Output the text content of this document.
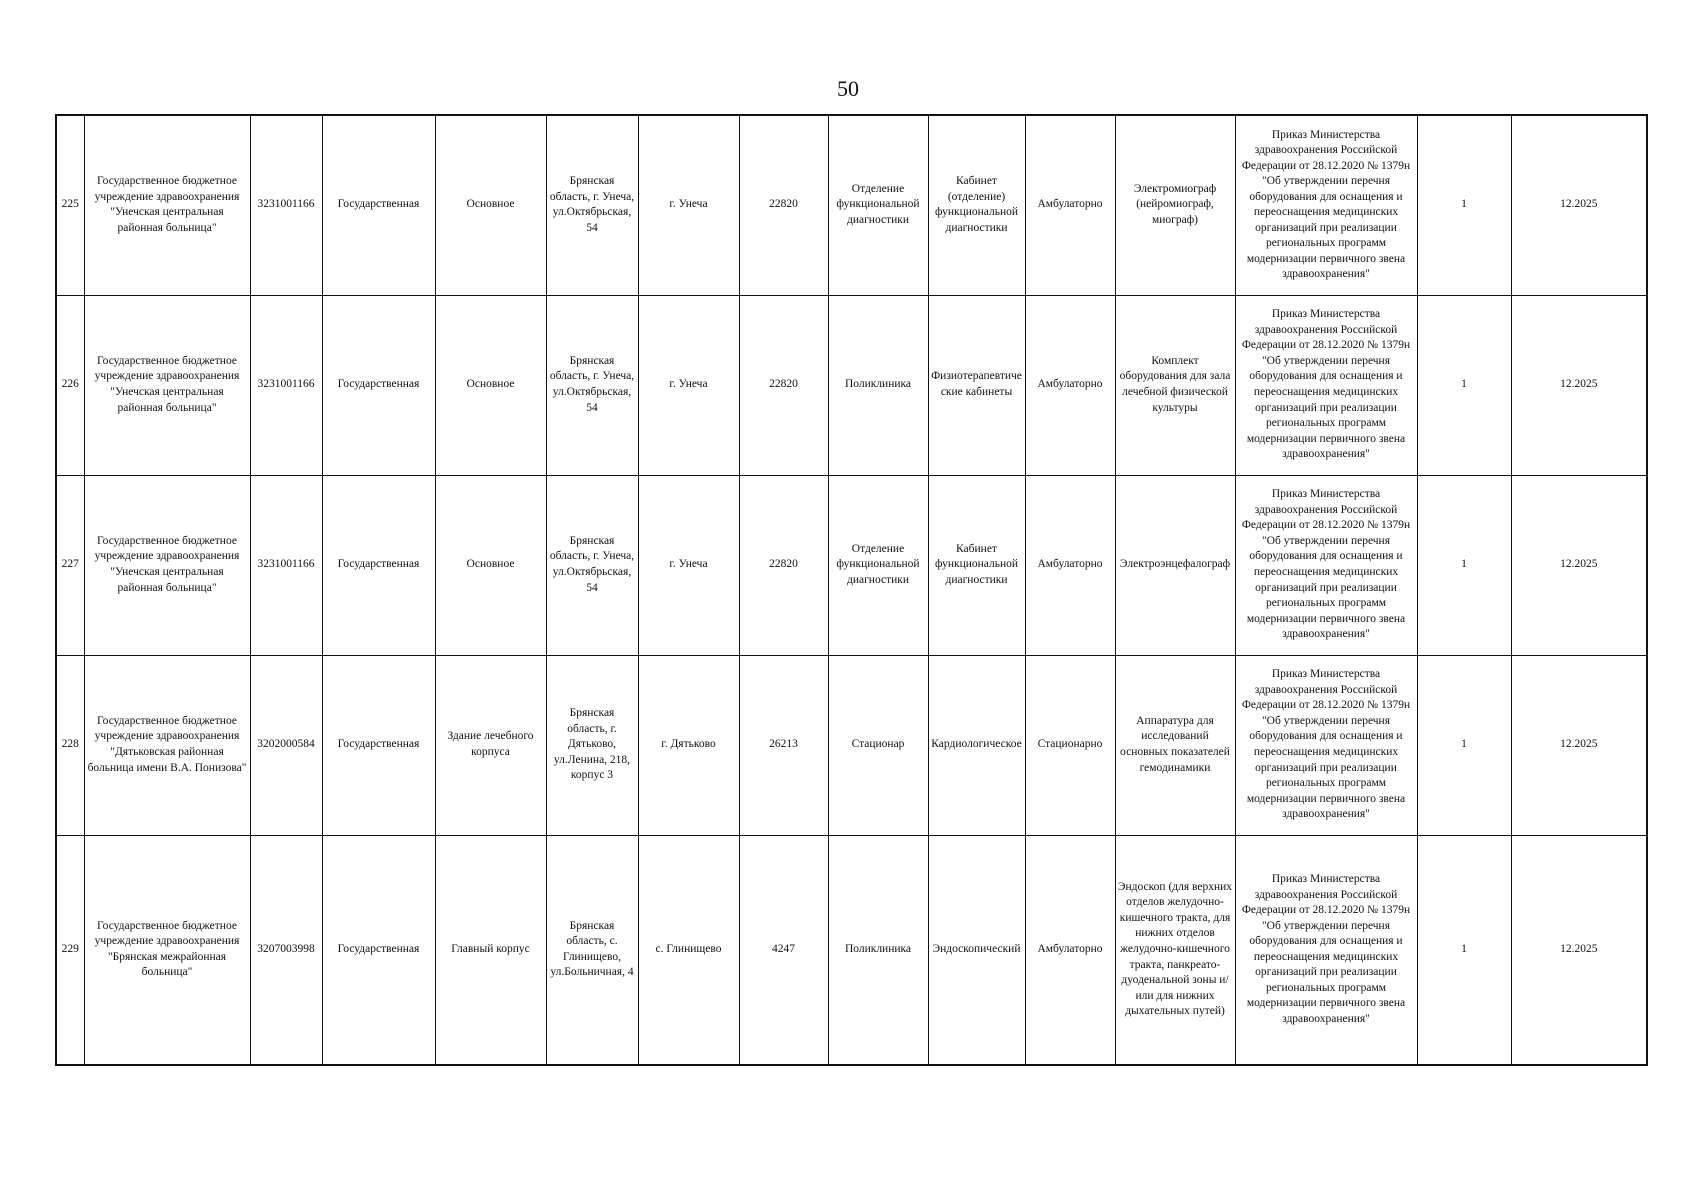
50
225	Государственное бюджетное учреждение здравоохранения "Унечская центральная районная больница"	3231001166	Государственная	Основное	Брянская область, г. Унеча, ул.Октябрьская, 54	г. Унеча	22820	Отделение функциональной диагностики	Кабинет (отделение) функциональной диагностики	Амбулаторно	Электромиограф (нейромиограф, миограф)	Приказ Министерства здравоохранения Российской Федерации от 28.12.2020 № 1379н "Об утверждении перечня оборудования для оснащения и переоснащения медицинских организаций при реализации региональных программ модернизации первичного звена здравоохранения"	1	12.2025
226	Государственное бюджетное учреждение здравоохранения "Унечская центральная районная больница"	3231001166	Государственная	Основное	Брянская область, г. Унеча, ул.Октябрьская, 54	г. Унеча	22820	Поликлиника	Физиотерапевтические кабинеты	Амбулаторно	Комплект оборудования для зала лечебной физической культуры	Приказ Министерства здравоохранения Российской Федерации от 28.12.2020 № 1379н "Об утверждении перечня оборудования для оснащения и переоснащения медицинских организаций при реализации региональных программ модернизации первичного звена здравоохранения"	1	12.2025
227	Государственное бюджетное учреждение здравоохранения "Унечская центральная районная больница"	3231001166	Государственная	Основное	Брянская область, г. Унеча, ул.Октябрьская, 54	г. Унеча	22820	Отделение функциональной диагностики	Кабинет функциональной диагностики	Амбулаторно	Электроэнцефалограф	Приказ Министерства здравоохранения Российской Федерации от 28.12.2020 № 1379н "Об утверждении перечня оборудования для оснащения и переоснащения медицинских организаций при реализации региональных программ модернизации первичного звена здравоохранения"	1	12.2025
228	Государственное бюджетное учреждение здравоохранения "Дятьковская районная больница имени В.А. Понизова"	3202000584	Государственная	Здание лечебного корпуса	Брянская область, г. Дятьково, ул.Ленина, 218, корпус 3	г. Дятьково	26213	Стационар	Кардиологическое	Стационарно	Аппаратура для исследований основных показателей гемодинамики	Приказ Министерства здравоохранения Российской Федерации от 28.12.2020 № 1379н "Об утверждении перечня оборудования для оснащения и переоснащения медицинских организаций при реализации региональных программ модернизации первичного звена здравоохранения"	1	12.2025
229	Государственное бюджетное учреждение здравоохранения "Брянская межрайонная больница"	3207003998	Государственная	Главный корпус	Брянская область, с. Глинищево, ул.Больничная, 4	с. Глинищево	4247	Поликлиника	Эндоскопический	Амбулаторно	Эндоскоп (для верхних отделов желудочно-кишечного тракта, для нижних отделов желудочно-кишечного тракта, панкреато-дуоденальной зоны и/или для нижних дыхательных путей)	Приказ Министерства здравоохранения Российской Федерации от 28.12.2020 № 1379н "Об утверждении перечня оборудования для оснащения и переоснащения медицинских организаций при реализации региональных программ модернизации первичного звена здравоохранения"	1	12.2025
